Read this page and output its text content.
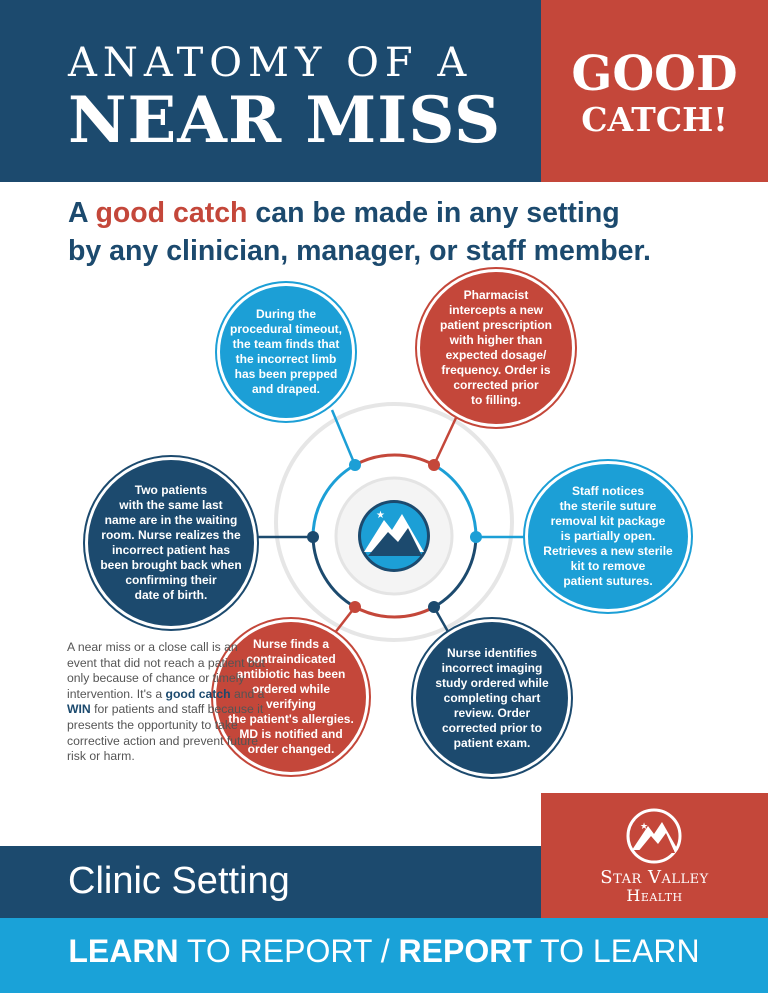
ANATOMY OF A
NEAR MISS
GOOD
CATCH!
A good catch can be made in any setting
by any clinician, manager, or staff member.
★
During the
procedural timeout,
the team finds that
the incorrect limb
has been prepped
and draped.
Pharmacist
intercepts a new
patient prescription
with higher than
expected dosage/
frequency. Order is
corrected prior
to filling.
Two patients
with the same last
name are in the waiting
room. Nurse realizes the
incorrect patient has
been brought back when
confirming their
date of birth.
Staff notices
the sterile suture
removal kit package
is partially open.
Retrieves a new sterile
kit to remove
patient sutures.
Nurse finds a
contraindicated
antibiotic has been
ordered while verifying
the patient's allergies.
MD is notified and
order changed.
Nurse identifies
incorrect imaging
study ordered while
completing chart
review. Order
corrected prior to
patient exam.
A near miss or a close call is an event that did not reach a patient but only because of chance or timely intervention. It's a good catch and a WIN for patients and staff because it presents the opportunity to take corrective action and prevent future risk or harm.
Clinic Setting
★
Star Valley
Health
LEARN TO REPORT / REPORT TO LEARN
